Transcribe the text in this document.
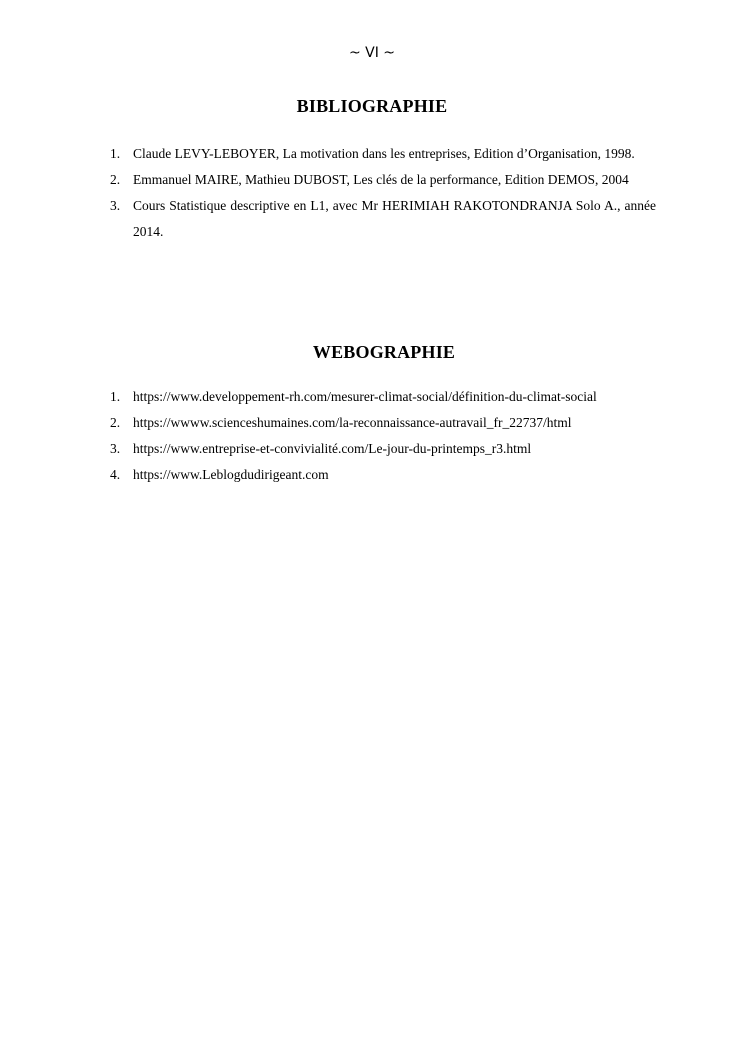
~ VI ~
BIBLIOGRAPHIE
1. Claude LEVY-LEBOYER, La motivation dans les entreprises, Edition d’Organisation, 1998.
2. Emmanuel MAIRE, Mathieu DUBOST, Les clés de la performance, Edition DEMOS, 2004
3. Cours Statistique descriptive en L1, avec Mr HERIMIAH RAKOTONDRANJA Solo A., année 2014.
WEBOGRAPHIE
1. https://www.developpement-rh.com/mesurer-climat-social/définition-du-climat-social
2. https://wwww.scienceshumaines.com/la-reconnaissance-autravail_fr_22737/html
3. https://www.entreprise-et-convivialité.com/Le-jour-du-printemps_r3.html
4. https://www.Leblogdudirigeant.com
